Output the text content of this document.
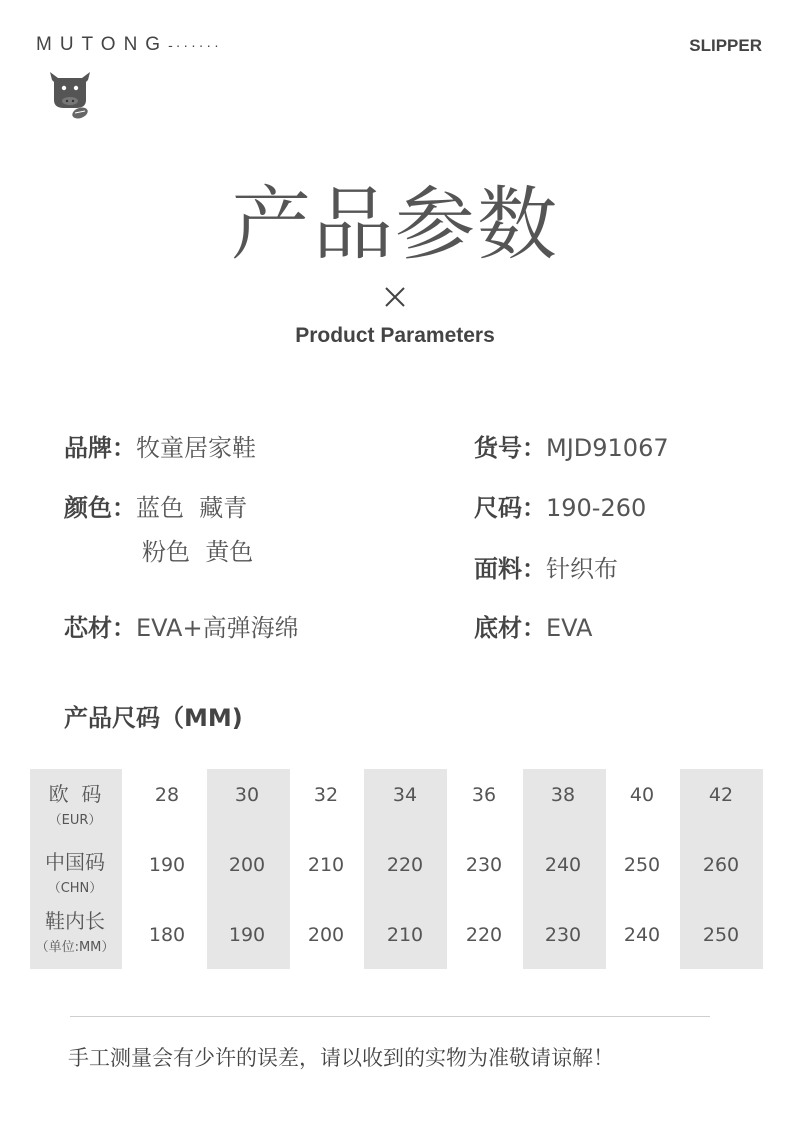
MUTONG-······	SLIPPER
产品参数
Product Parameters
品牌：牧童居家鞋	货号：MJD91067
颜色：蓝色  藏青
粉色  黄色
尺码：190-260
面料：针织布
芯材：EVA+高弹海绵	底材：EVA
产品尺码（MM)
欧  码
（EUR）
28	30	32	34	36	38	40	42
中国码
（CHN）
190	200	210	220	230	240	250	260
鞋内长
（单位:MM）
180	190	200	210	220	230	240	250
手工测量会有少许的误差，请以收到的实物为准敬请谅解！
